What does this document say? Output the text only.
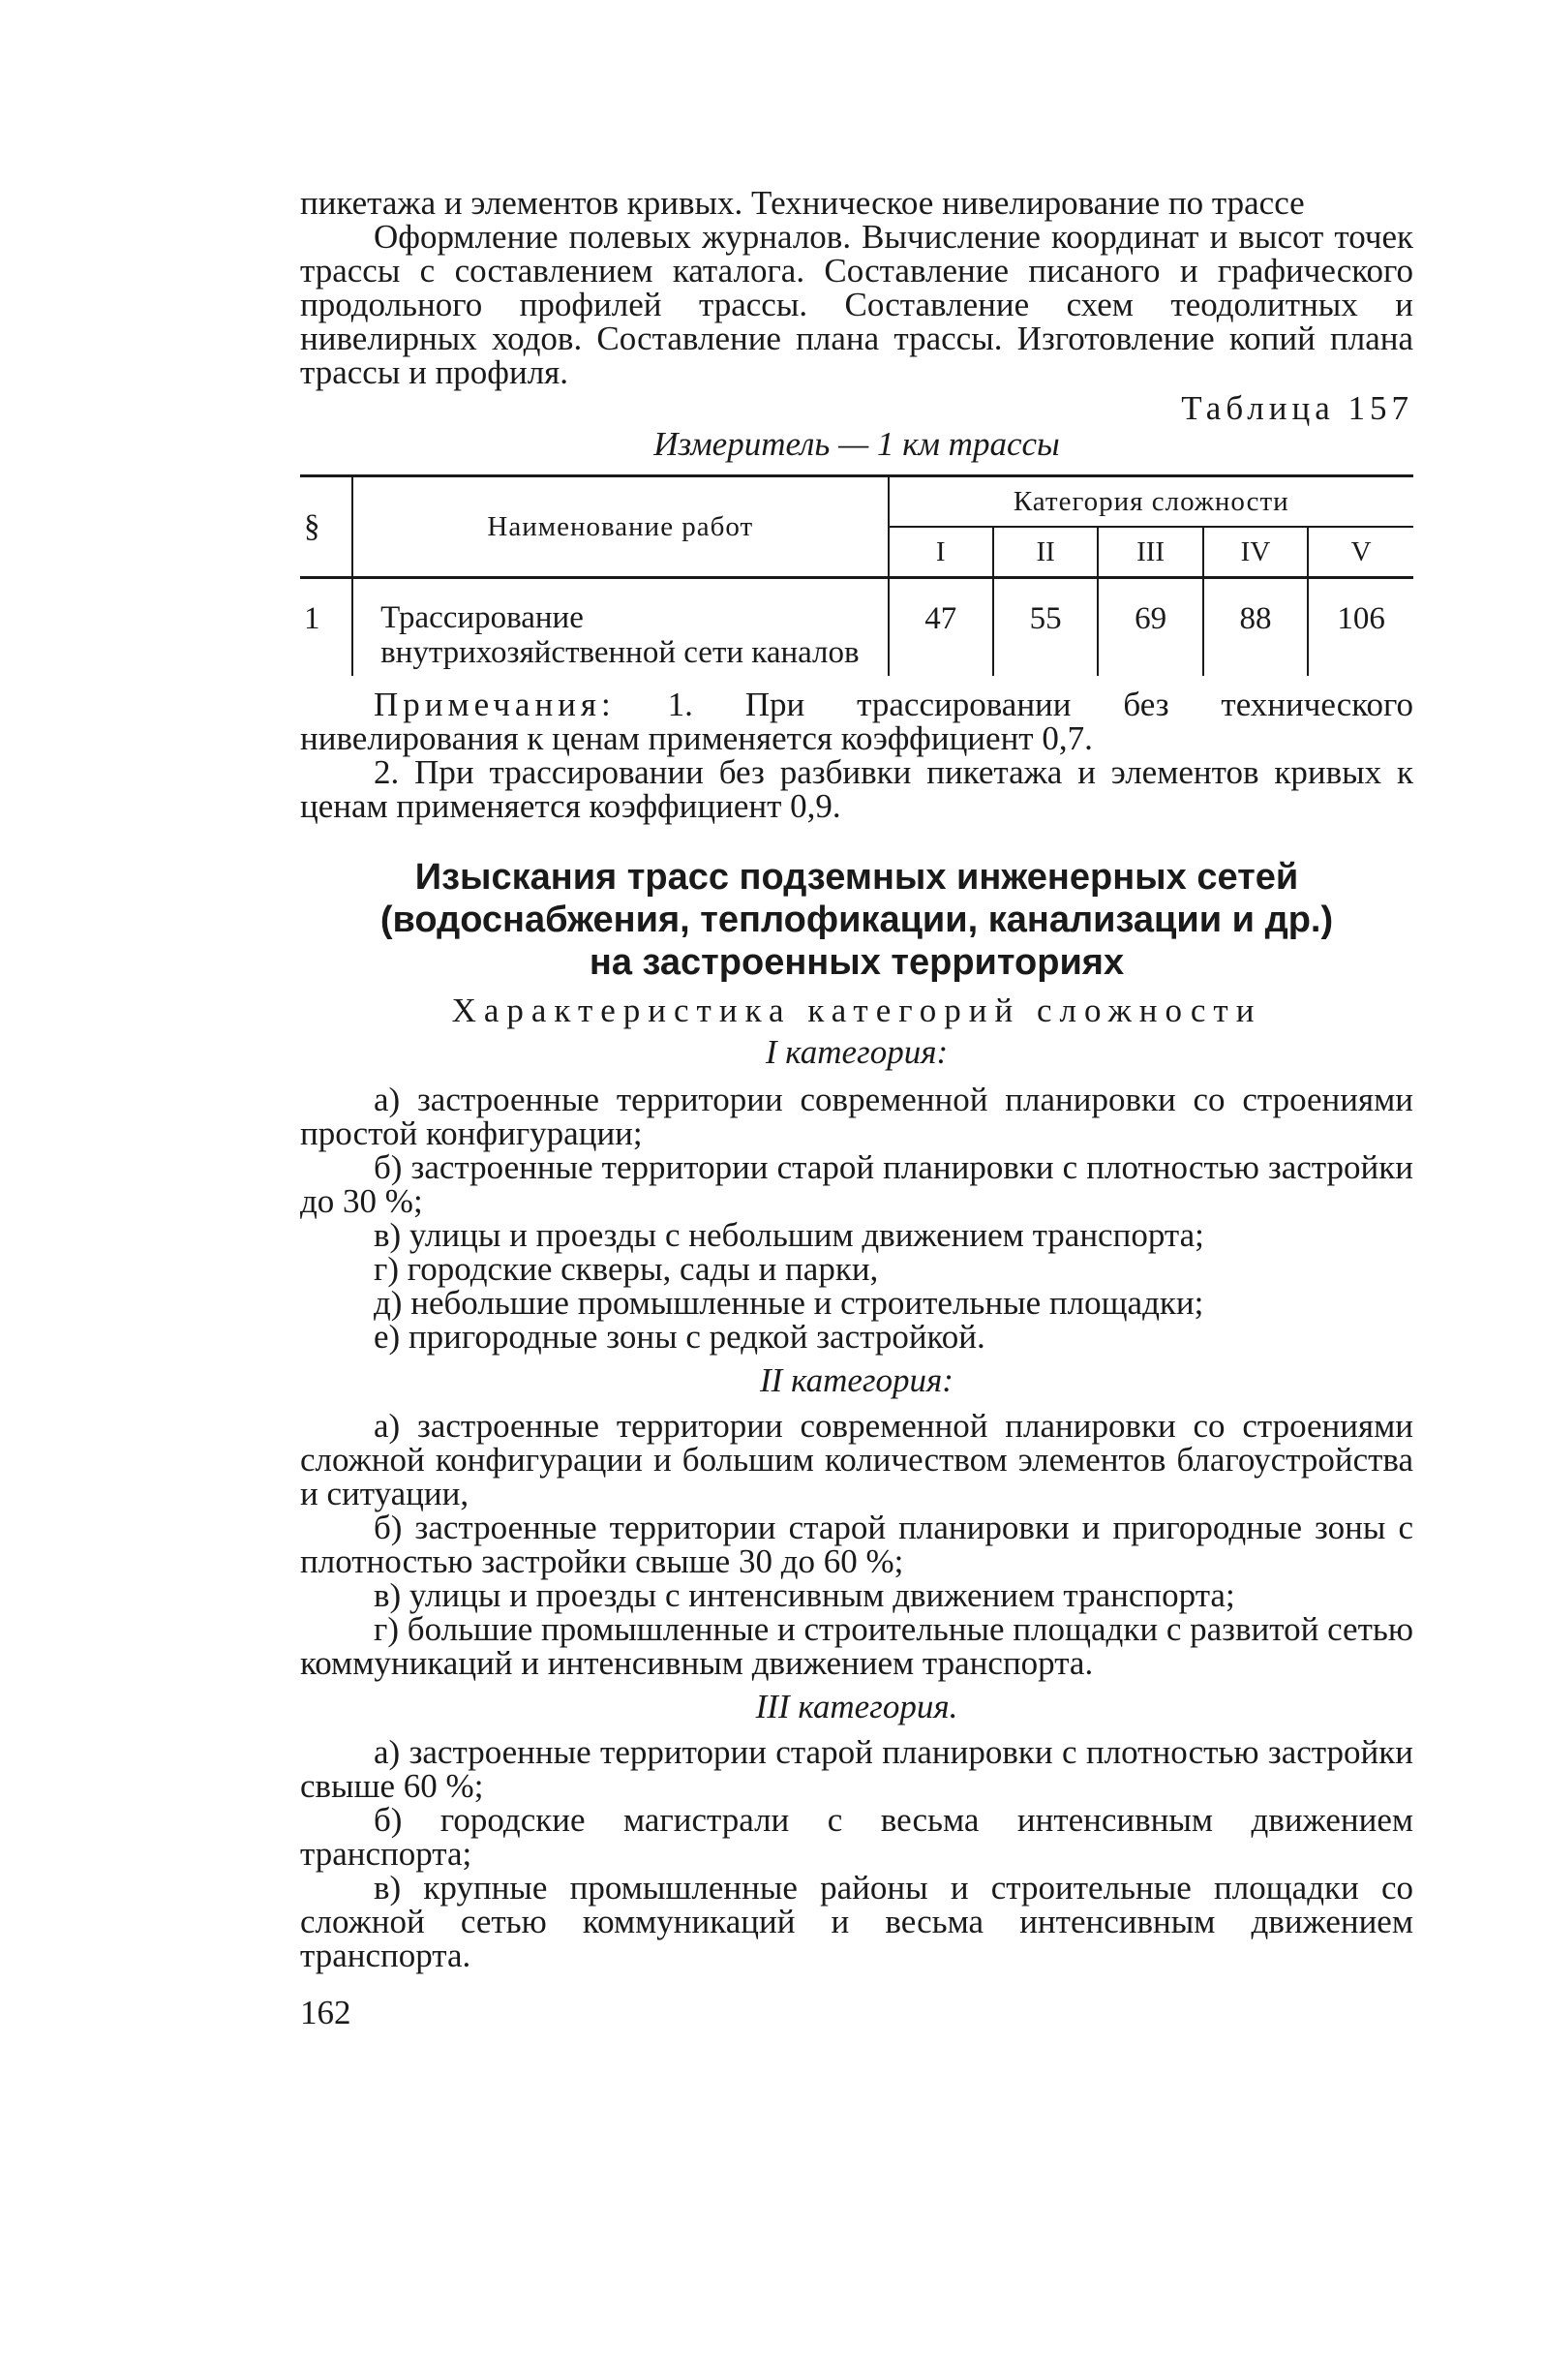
пикетажа и элементов кривых. Техническое нивелирование по трассе

Оформление полевых журналов. Вычисление координат и высот точек трассы с составлением каталога. Составление писаного и графического продольного профилей трассы. Составление схем теодолитных и нивелирных ходов. Составление плана трассы. Изготовление копий плана трассы и профиля.

Таблица 157

Измеритель — 1 км трассы

§	Наименование работ	Категория сложности				
		I	II	III	IV	V
1	Трассирование внутрихозяйственной сети каналов	47	55	69	88	106

Примечания: 1. При трассировании без технического нивелирования к ценам применяется коэффициент 0,7.

2. При трассировании без разбивки пикетажа и элементов кривых к ценам применяется коэффициент 0,9.

Изыскания трасс подземных инженерных сетей
(водоснабжения, теплофикации, канализации и др.)
на застроенных территориях

Характеристика категорий сложности

I категория:

а) застроенные территории современной планировки со строениями простой конфигурации;

б) застроенные территории старой планировки с плотностью застройки до 30 %;

в) улицы и проезды с небольшим движением транспорта;

г) городские скверы, сады и парки,

д) небольшие промышленные и строительные площадки;

е) пригородные зоны с редкой застройкой.

II категория:

а) застроенные территории современной планировки со строениями сложной конфигурации и большим количеством элементов благоустройства и ситуации,

б) застроенные территории старой планировки и пригородные зоны с плотностью застройки свыше 30 до 60 %;

в) улицы и проезды с интенсивным движением транспорта;

г) большие промышленные и строительные площадки с развитой сетью коммуникаций и интенсивным движением транспорта.

III категория.

а) застроенные территории старой планировки с плотностью застройки свыше 60 %;

б) городские магистрали с весьма интенсивным движением транспорта;

в) крупные промышленные районы и строительные площадки со сложной сетью коммуникаций и весьма интенсивным движением транспорта.

162
